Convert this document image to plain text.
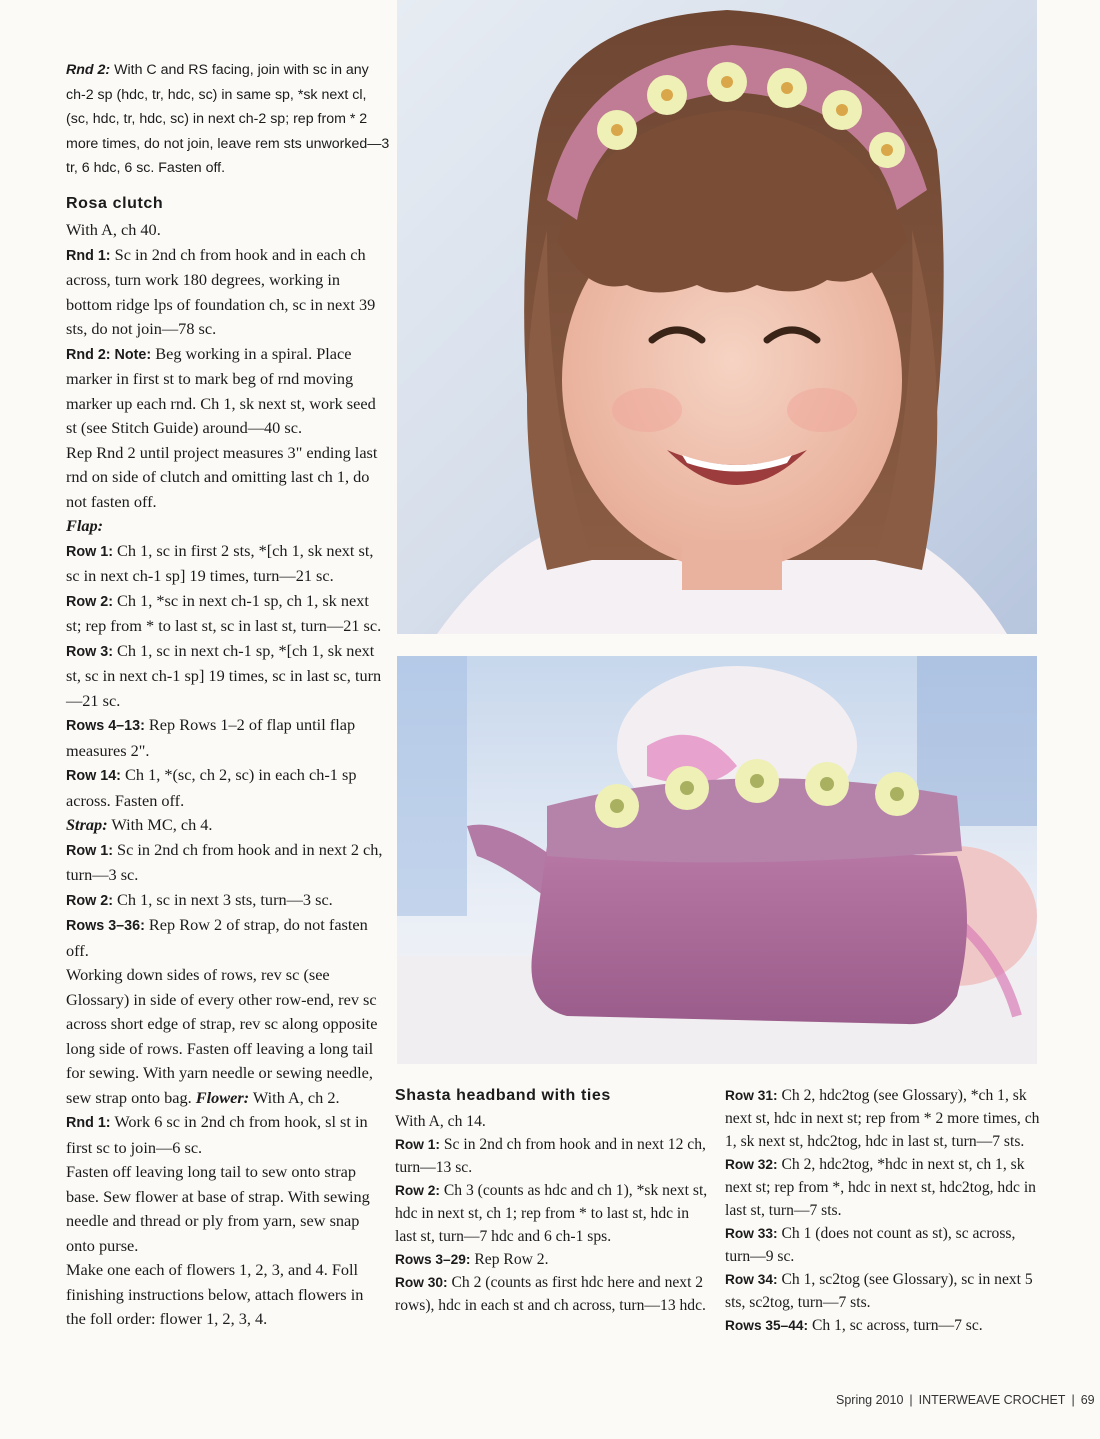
Rnd 2: With C and RS facing, join with sc in any ch-2 sp (hdc, tr, hdc, sc) in same sp, *sk next cl, (sc, hdc, tr, hdc, sc) in next ch-2 sp; rep from * 2 more times, do not join, leave rem sts unworked—3 tr, 6 hdc, 6 sc. Fasten off.

Rosa clutch

With A, ch 40.

Rnd 1: Sc in 2nd ch from hook and in each ch across, turn work 180 degrees, working in bottom ridge lps of foundation ch, sc in next 39 sts, do not join—78 sc.

Rnd 2: Note: Beg working in a spiral. Place marker in first st to mark beg of rnd moving marker up each rnd. Ch 1, sk next st, work seed st (see Stitch Guide) around—40 sc.

Rep Rnd 2 until project measures 3" ending last rnd on side of clutch and omitting last ch 1, do not fasten off.

Flap:

Row 1: Ch 1, sc in first 2 sts, *[ch 1, sk next st, sc in next ch-1 sp] 19 times, turn—21 sc.

Row 2: Ch 1, *sc in next ch-1 sp, ch 1, sk next st; rep from * to last st, sc in last st, turn—21 sc.

Row 3: Ch 1, sc in next ch-1 sp, *[ch 1, sk next st, sc in next ch-1 sp] 19 times, sc in last sc, turn—21 sc.

Rows 4–13: Rep Rows 1–2 of flap until flap measures 2".

Row 14: Ch 1, *(sc, ch 2, sc) in each ch-1 sp across. Fasten off.

Strap: With MC, ch 4.

Row 1: Sc in 2nd ch from hook and in next 2 ch, turn—3 sc.

Row 2: Ch 1, sc in next 3 sts, turn—3 sc.

Rows 3–36: Rep Row 2 of strap, do not fasten off.

Working down sides of rows, rev sc (see Glossary) in side of every other row-end, rev sc across short edge of strap, rev sc along opposite long side of rows. Fasten off leaving a long tail for sewing. With yarn needle or sewing needle, sew strap onto bag. Flower: With A, ch 2.

Rnd 1: Work 6 sc in 2nd ch from hook, sl st in first sc to join—6 sc.

Fasten off leaving long tail to sew onto strap base. Sew flower at base of strap. With sewing needle and thread or ply from yarn, sew snap onto purse.

Make one each of flowers 1, 2, 3, and 4. Foll finishing instructions below, attach flowers in the foll order: flower 1, 2, 3, 4.

Shasta headband with ties

With A, ch 14.

Row 1: Sc in 2nd ch from hook and in next 12 ch, turn—13 sc.

Row 2: Ch 3 (counts as hdc and ch 1), *sk next st, hdc in next st, ch 1; rep from * to last st, hdc in last st, turn—7 hdc and 6 ch-1 sps.

Rows 3–29: Rep Row 2.

Row 30: Ch 2 (counts as first hdc here and next 2 rows), hdc in each st and ch across, turn—13 hdc.

Row 31: Ch 2, hdc2tog (see Glossary), *ch 1, sk next st, hdc in next st; rep from * 2 more times, ch 1, sk next st, hdc2tog, hdc in last st, turn—7 sts.

Row 32: Ch 2, hdc2tog, *hdc in next st, ch 1, sk next st; rep from *, hdc in next st, hdc2tog, hdc in last st, turn—7 sts.

Row 33: Ch 1 (does not count as st), sc across, turn—9 sc.

Row 34: Ch 1, sc2tog (see Glossary), sc in next 5 sts, sc2tog, turn—7 sts.

Rows 35–44: Ch 1, sc across, turn—7 sc.

Spring 2010 | INTERWEAVE CROCHET | 69
